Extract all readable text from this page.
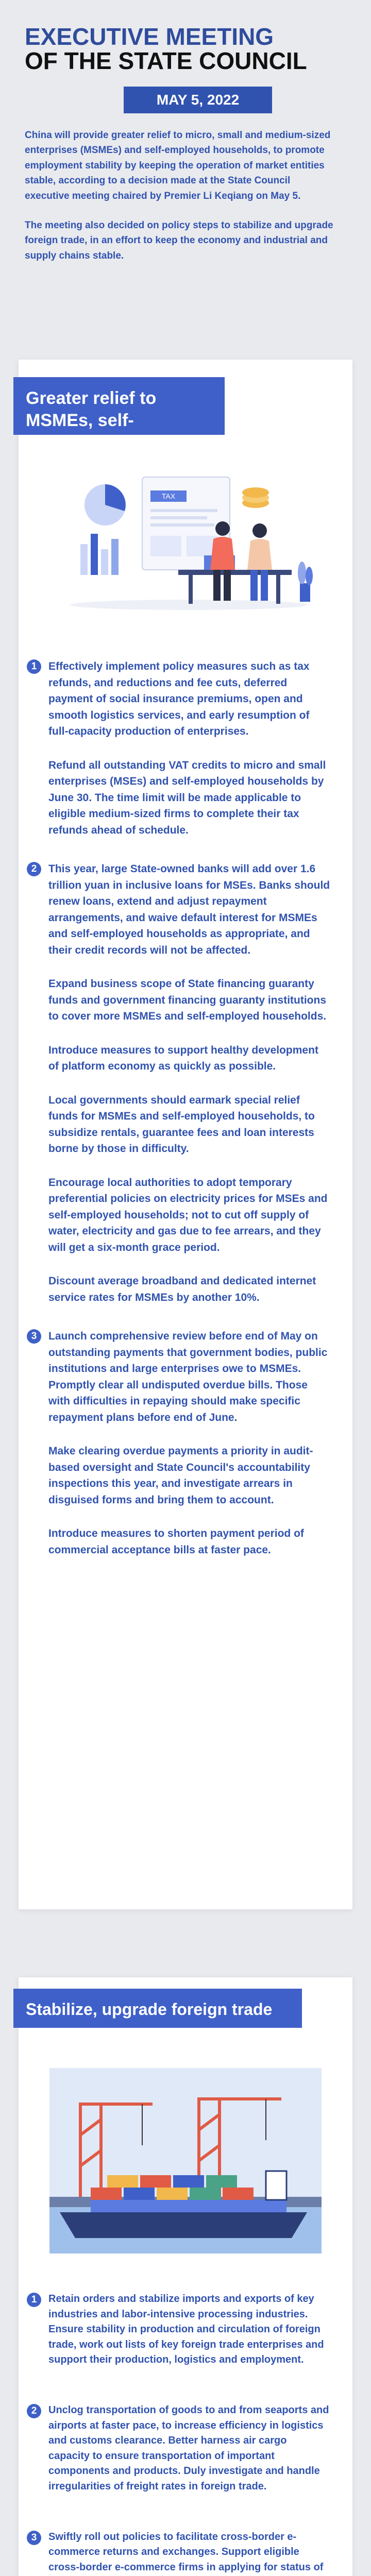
EXECUTIVE MEETING
OF THE STATE COUNCIL
MAY 5, 2022

China will provide greater relief to micro, small and medium-sized enterprises (MSMEs) and self-employed households, to promote employment stability by keeping the operation of market entities stable, according to a decision made at the State Council executive meeting chaired by Premier Li Keqiang on May 5.

The meeting also decided on policy steps to stabilize and upgrade foreign trade, in an effort to keep the economy and industrial and supply chains stable.

Greater relief to MSMEs, self-employed households
TAX
1	Effectively implement policy measures such as tax refunds, and reductions and fee cuts, deferred payment of social insurance premiums, open and smooth logistics services, and early resumption of full-capacity production of enterprises.

Refund all outstanding VAT credits to micro and small enterprises (MSEs) and self-employed households by June 30. The time limit will be made applicable to eligible medium-sized firms to complete their tax refunds ahead of schedule.

2	This year, large State-owned banks will add over 1.6 trillion yuan in inclusive loans for MSEs. Banks should renew loans, extend and adjust repayment arrangements, and waive default interest for MSMEs and self-employed households as appropriate, and their credit records will not be affected.

Expand business scope of State financing guaranty funds and government financing guaranty institutions to cover more MSMEs and self-employed households.

Introduce measures to support healthy development of platform economy as quickly as possible.

Local governments should earmark special relief funds for MSMEs and self-employed households, to subsidize rentals, guarantee fees and loan interests borne by those in difficulty.

Encourage local authorities to adopt temporary preferential policies on electricity prices for MSEs and self-employed households; not to cut off supply of water, electricity and gas due to fee arrears, and they will get a six-month grace period.

Discount average broadband and dedicated internet service rates for MSMEs by another 10%.

3	Launch comprehensive review before end of May on outstanding payments that government bodies, public institutions and large enterprises owe to MSMEs. Promptly clear all undisputed overdue bills. Those with difficulties in repaying should make specific repayment plans before end of June.

Make clearing overdue payments a priority in audit-based oversight and State Council's accountability inspections this year, and investigate arrears in disguised forms and bring them to account.

Introduce measures to shorten payment period of commercial acceptance bills at faster pace.

Stabilize, upgrade foreign trade
1	Retain orders and stabilize imports and exports of key industries and labor-intensive processing industries. Ensure stability in production and circulation of foreign trade, work out lists of key foreign trade enterprises and support their production, logistics and employment.

2	Unclog transportation of goods to and from seaports and airports at faster pace, to increase efficiency in logistics and customs clearance. Better harness air cargo capacity to ensure transportation of important components and products. Duly investigate and handle irregularities of freight rates in foreign trade.

3	Swiftly roll out policies to facilitate cross-border e-commerce returns and exchanges. Support eligible cross-border e-commerce firms in applying for status of
